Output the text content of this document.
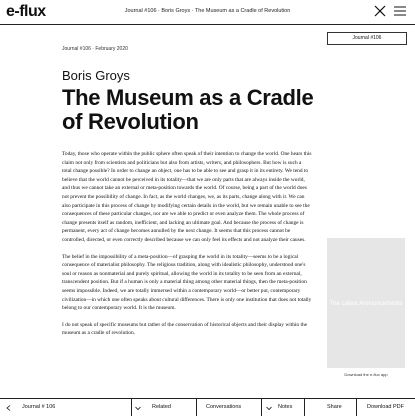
e-flux	Journal #106 · Boris Groys · The Museum as a Cradle of Revolution
Journal #106
Journal #106 · February 2020
Boris Groys
The Museum as a Cradle of Revolution

Today, those who operate within the public sphere often speak of their intention to change the world. One hears this claim not only from scientists and politicians but also from artists, writers, and philosophers. But how is such a total change possible? In order to change an object, one has to be able to see and grasp it in its entirety. We tend to believe that the world cannot be perceived in its totality—that we are only parts that are always inside the world, and thus we cannot take an external or meta-position towards the world. Of course, being a part of the world does not prevent the possibility of change. In fact, as the world changes, we, as its parts, change along with it. We can also participate in this process of change by modifying certain details in the world, but we remain unable to see the consequences of these particular changes, nor are we able to predict or even analyze them. The whole process of change presents itself as random, inefficient, and lacking an ultimate goal. And because the process of change is permanent, every act of change becomes annulled by the next change. It seems that this process cannot be controlled, directed, or even correctly described because we can only feel its effects and not analyze their causes.

The belief in the impossibility of a meta-position—of grasping the world in its totality—seems to be a logical consequence of materialist philosophy. The religious tradition, along with idealistic philosophy, understood one's soul or reason as nonmaterial and purely spiritual, allowing the world in its totality to be seen from an external, transcendent position. But if a human is only a material thing among other material things, then the meta-position seems impossible. Indeed, we are totally immersed within a contemporary world—or better put, contemporary civilization—in which one often speaks about cultural differences. There is only one institution that does not totally belong to our contemporary world. It is the museum.

I do not speak of specific museums but rather of the conservation of historical objects and their display within the museum as a cradle of revolution.

The Latest Announcements
Download the e-flux app
Journal # 106	Related	Conversations	Notes	Share	Download PDF
